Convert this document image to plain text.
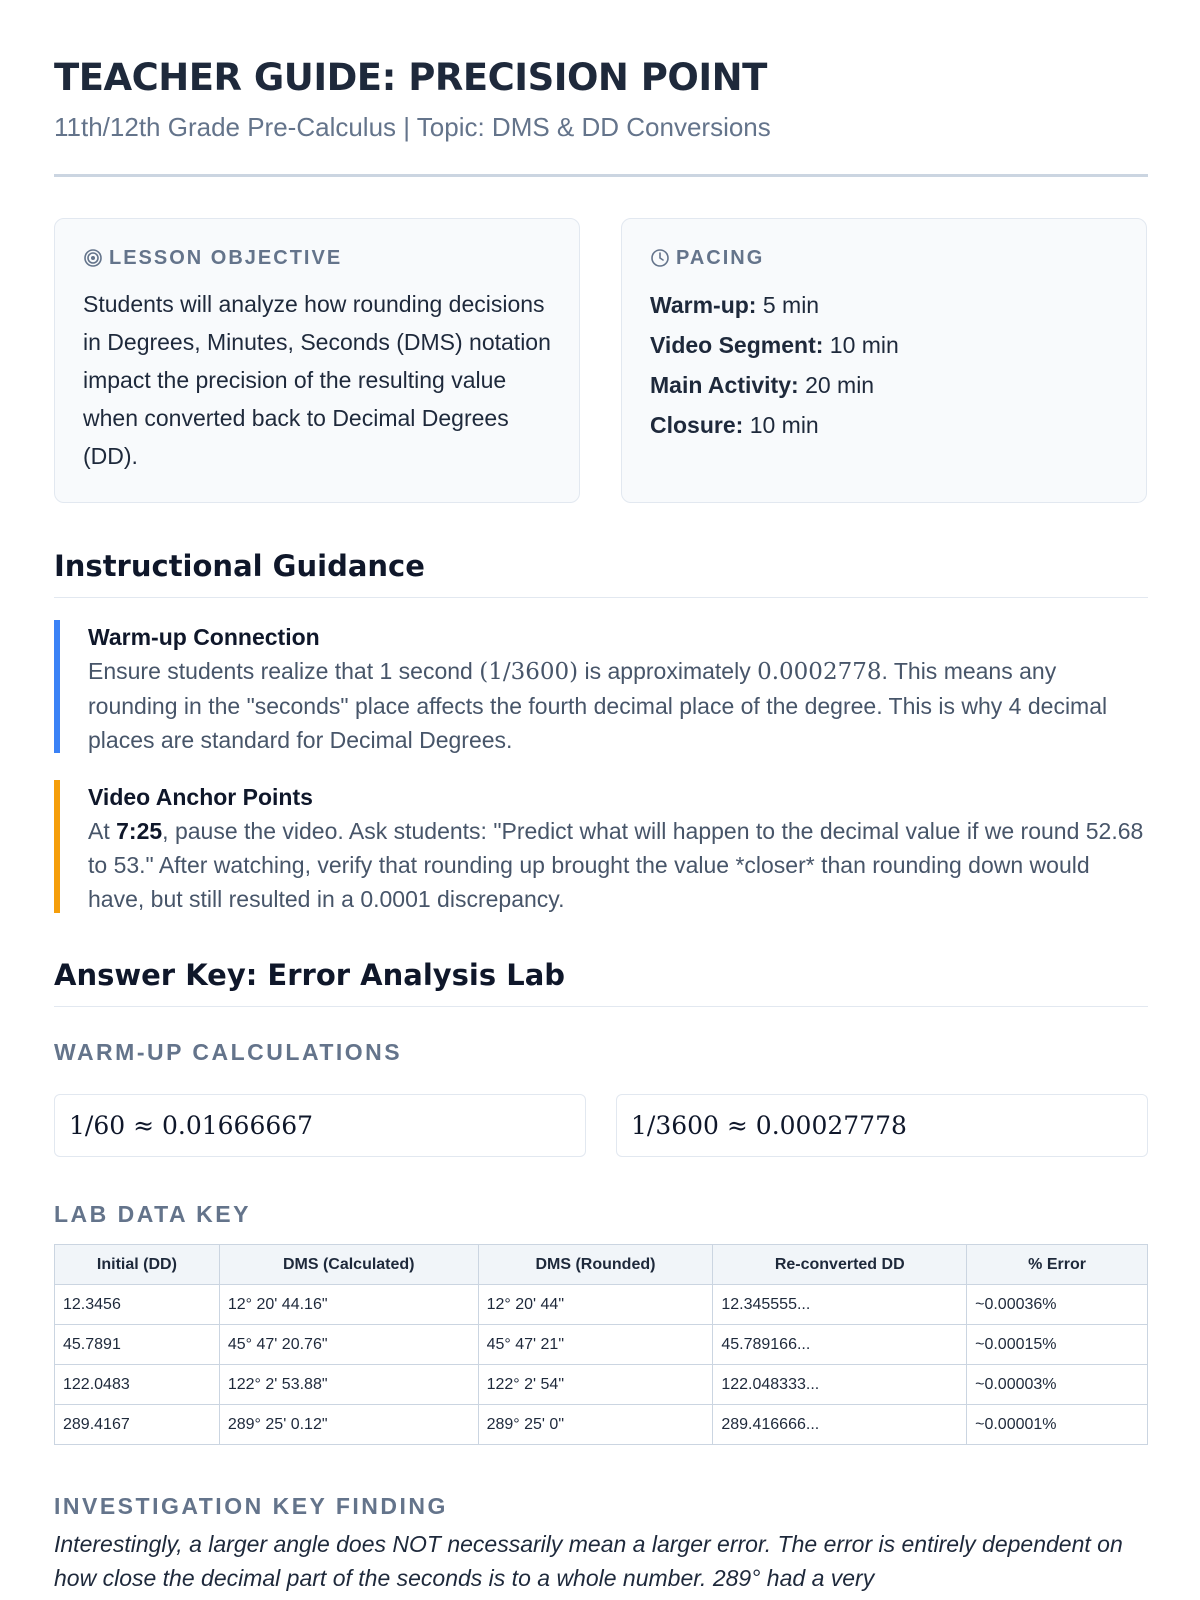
TEACHER GUIDE: PRECISION POINT
11th/12th Grade Pre-Calculus | Topic: DMS & DD Conversions
LESSON OBJECTIVE

Students will analyze how rounding decisions in Degrees, Minutes, Seconds (DMS) notation impact the precision of the resulting value when converted back to Decimal Degrees (DD).

PACING
Warm-up: 5 min
Video Segment: 10 min
Main Activity: 20 min
Closure: 10 min
Instructional Guidance
Warm-up Connection

Ensure students realize that 1 second (1/3600) is approximately 0.0002778. This means any rounding in the "seconds" place affects the fourth decimal place of the degree. This is why 4 decimal places are standard for Decimal Degrees.

Video Anchor Points

At 7:25, pause the video. Ask students: "Predict what will happen to the decimal value if we round 52.68 to 53." After watching, verify that rounding up brought the value *closer* than rounding down would have, but still resulted in a 0.0001 discrepancy.

Answer Key: Error Analysis Lab
WARM-UP CALCULATIONS
1/60 ≈ 0.01666667	1/3600 ≈ 0.00027778
LAB DATA KEY
Initial (DD)	DMS (Calculated)	DMS (Rounded)	Re-converted DD	% Error
12.3456	12° 20' 44.16"	12° 20' 44"	12.345555...	~0.00036%
45.7891	45° 47' 20.76"	45° 47' 21"	45.789166...	~0.00015%
122.0483	122° 2' 53.88"	122° 2' 54"	122.048333...	~0.00003%
289.4167	289° 25' 0.12"	289° 25' 0"	289.416666...	~0.00001%
INVESTIGATION KEY FINDING

Interestingly, a larger angle does NOT necessarily mean a larger error. The error is entirely dependent on how close the decimal part of the seconds is to a whole number. 289° had a very
